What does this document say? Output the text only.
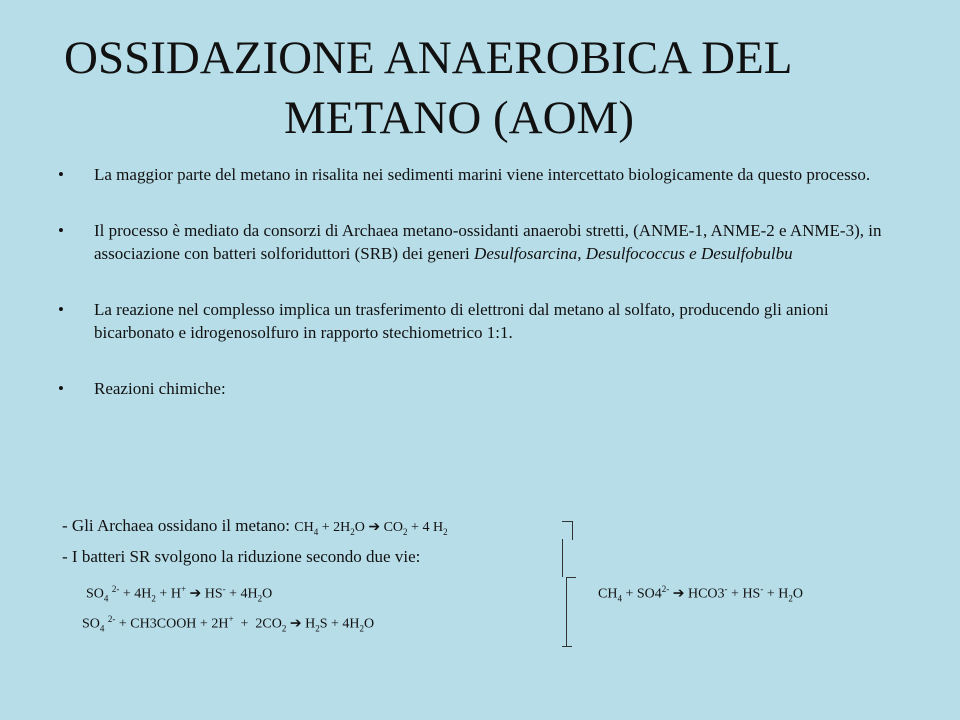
OSSIDAZIONE ANAEROBICA DEL
METANO (AOM)
• La maggior parte del metano in risalita nei sedimenti marini viene intercettato biologicamente da questo processo.
• Il processo è mediato da consorzi di Archaea metano-ossidanti anaerobi stretti, (ANME-1, ANME-2 e ANME-3), in associazione con batteri solforiduttori (SRB) dei generi Desulfosarcina, Desulfococcus e Desulfobulbu
• La reazione nel complesso implica un trasferimento di elettroni dal metano al solfato, producendo gli anioni bicarbonato e idrogenosolfuro in rapporto stechiometrico 1:1.
• Reazioni chimiche:
- Gli Archaea ossidano il metano: $CH_4 + 2H_2O$ ➔ $CO_2 + 4$ $H_2$
- I batteri SR svolgono la riduzione secondo due vie:
$SO_4$ $^{2-} + 4H_2 + H^+$ ➔ $HS^- + 4H_2O$	$CH_4 + SO4^{2-}$ ➔ $HCO3^- + HS^- + H_2O$
$SO_4$ $^{2-}$ + CH3COOH + $2H^+ + 2CO_2$ ➔ $H_2S + 4H_2O$
